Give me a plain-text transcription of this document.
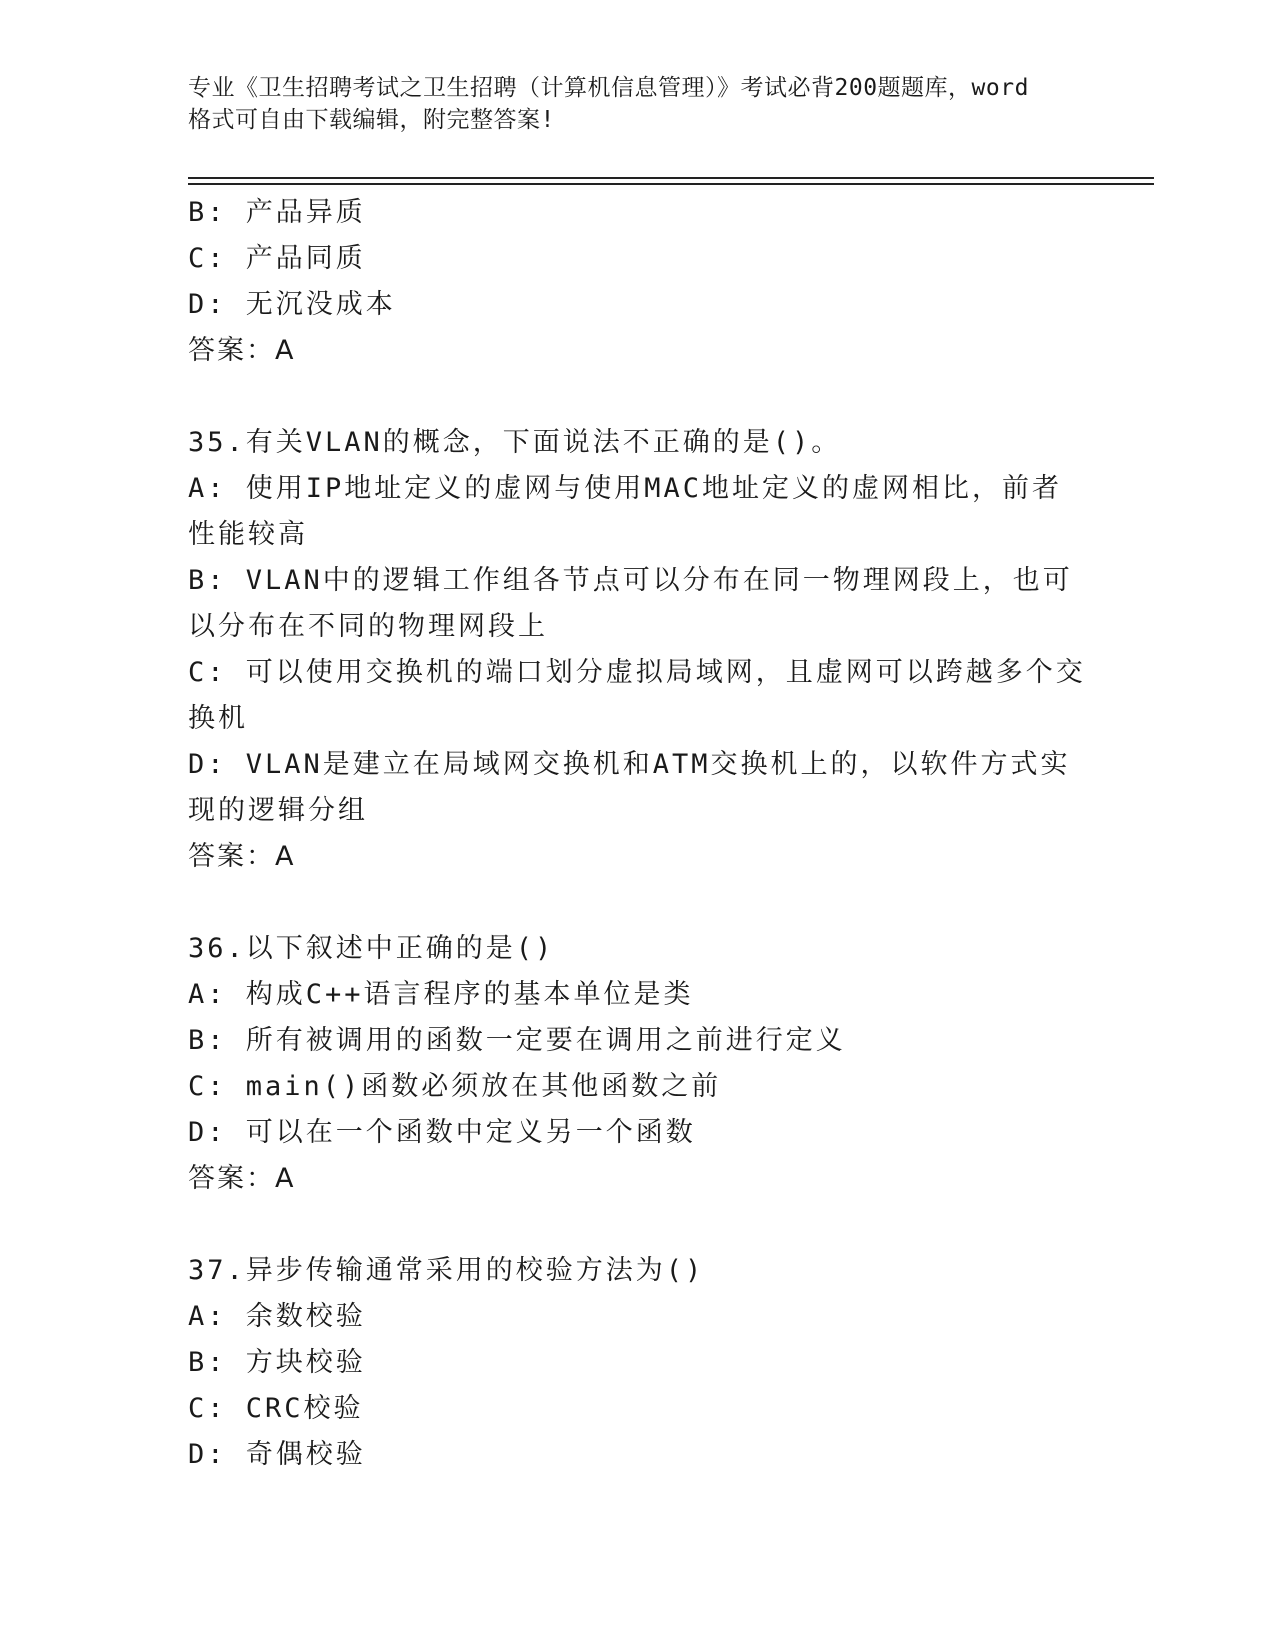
专业《卫生招聘考试之卫生招聘（计算机信息管理）》考试必背200题题库，word
格式可自由下载编辑，附完整答案!
B: 产品异质
C: 产品同质
D: 无沉没成本
答案：A
35.有关VLAN的概念，下面说法不正确的是()。
A: 使用IP地址定义的虚网与使用MAC地址定义的虚网相比，前者性能较高
B: VLAN中的逻辑工作组各节点可以分布在同一物理网段上，也可以分布在不同的物理网段上
C: 可以使用交换机的端口划分虚拟局域网，且虚网可以跨越多个交换机
D: VLAN是建立在局域网交换机和ATM交换机上的，以软件方式实现的逻辑分组
答案：A
36.以下叙述中正确的是()
A: 构成C++语言程序的基本单位是类
B: 所有被调用的函数一定要在调用之前进行定义
C: main()函数必须放在其他函数之前
D: 可以在一个函数中定义另一个函数
答案：A
37.异步传输通常采用的校验方法为()
A: 余数校验
B: 方块校验
C: CRC校验
D: 奇偶校验
